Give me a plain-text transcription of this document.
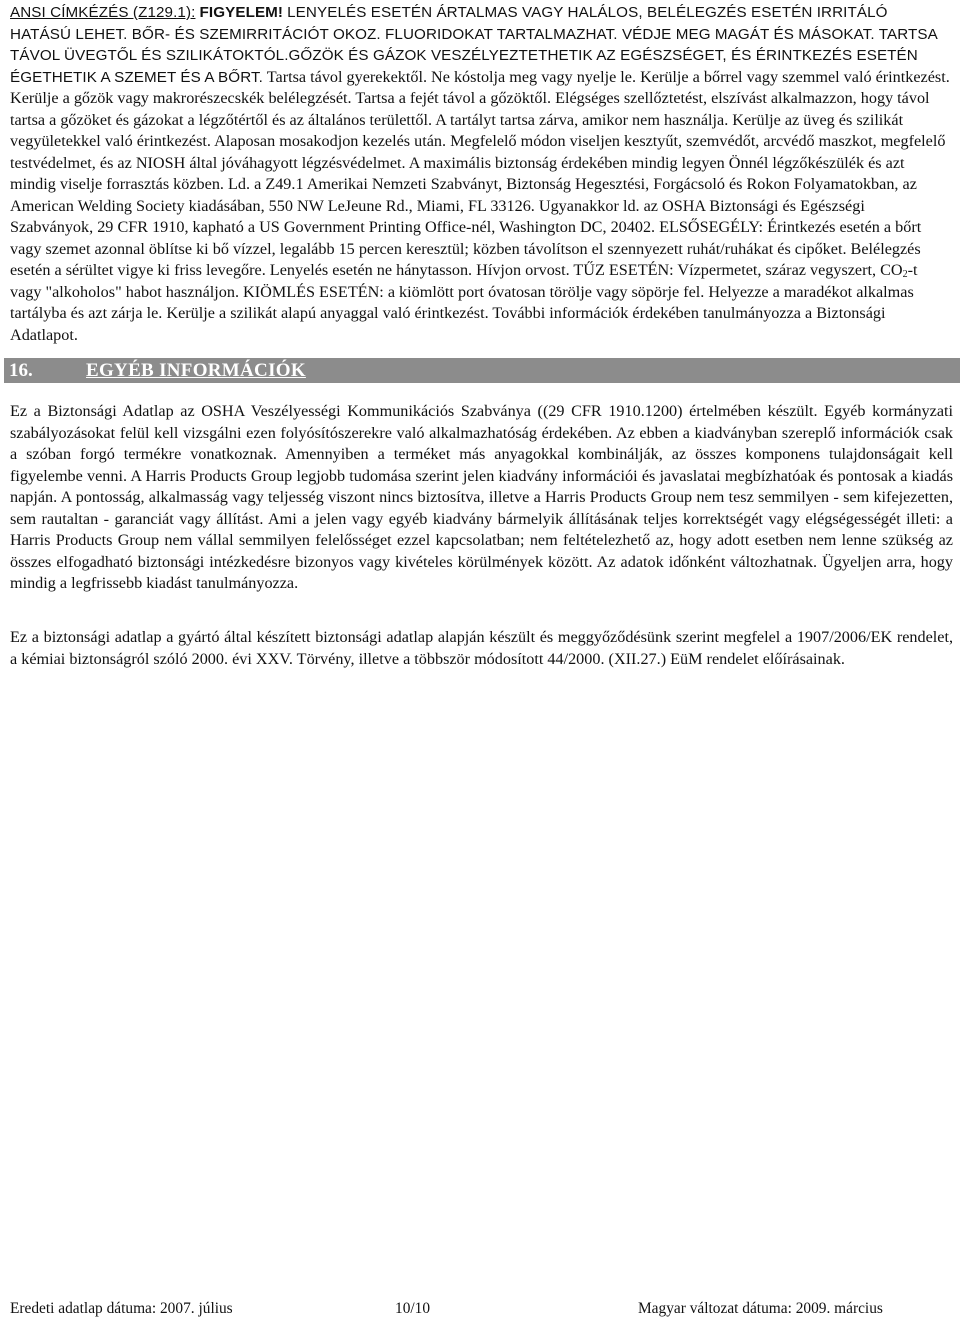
ANSI CÍMKÉZÉS (Z129.1): FIGYELEM! LENYELÉS ESETÉN ÁRTALMAS VAGY HALÁLOS, BELÉLEGZÉS ESETÉN IRRITÁLÓ HATÁSÚ LEHET. BŐR- ÉS SZEMIRRITÁCIÓT OKOZ. FLUORIDOKAT TARTALMAZHAT. VÉDJE MEG MAGÁT ÉS MÁSOKAT. TARTSA TÁVOL ÜVEGTŐL ÉS SZILIKÁTOKTÓL.GŐZÖK ÉS GÁZOK VESZÉLYEZTETHETIK AZ EGÉSZSÉGET, ÉS ÉRINTKEZÉS ESETÉN ÉGETHETIK A SZEMET ÉS A BŐRT. Tartsa távol gyerekektől. Ne kóstolja meg vagy nyelje le. Kerülje a bőrrel vagy szemmel való érintkezést. Kerülje a gőzök vagy makrorészecskék belélegzését. Tartsa a fejét távol a gőzöktől. Elégséges szellőztetést, elszívást alkalmazzon, hogy távol tartsa a gőzöket és gázokat a légzőtértől és az általános területtől. A tartályt tartsa zárva, amikor nem használja. Kerülje az üveg és szilikát vegyületekkel való érintkezést. Alaposan mosakodjon kezelés után. Megfelelő módon viseljen kesztyűt, szemvédőt, arcvédő maszkot, megfelelő testvédelmet, és az NIOSH által jóváhagyott légzésvédelmet. A maximális biztonság érdekében mindig legyen Önnél légzőkészülék és azt mindig viselje forrasztás közben. Ld. a Z49.1 Amerikai Nemzeti Szabványt, Biztonság Hegesztési, Forgácsoló és Rokon Folyamatokban, az American Welding Society kiadásában, 550 NW LeJeune Rd., Miami, FL 33126. Ugyanakkor ld. az OSHA Biztonsági és Egészségi Szabványok, 29 CFR 1910, kapható a US Government Printing Office-nél, Washington DC, 20402. ELSŐSEGÉLY: Érintkezés esetén a bőrt vagy szemet azonnal öblítse ki bő vízzel, legalább 15 percen keresztül; közben távolítson el szennyezett ruhát/ruhákat és cipőket. Belélegzés esetén a sérültet vigye ki friss levegőre. Lenyelés esetén ne hánytasson. Hívjon orvost. TŰZ ESETÉN: Vízpermetet, száraz vegyszert, $CO_2-t$ vagy "alkoholos" habot használjon. KIÖMLÉS ESETÉN: a kiömlött port óvatosan törölje vagy söpörje fel. Helyezze a maradékot alkalmas tartályba és azt zárja le. Kerülje a szilikát alapú anyaggal való érintkezést. További információk érdekében tanulmányozza a Biztonsági Adatlapot.
16.	EGYÉB INFORMÁCIÓK
Ez a Biztonsági Adatlap az OSHA Veszélyességi Kommunikációs Szabványa ((29 CFR 1910.1200) értelmében készült. Egyéb kormányzati szabályozásokat felül kell vizsgálni ezen folyósítószerekre való alkalmazhatóság érdekében. Az ebben a kiadványban szereplő információk csak a szóban forgó termékre vonatkoznak. Amennyiben a terméket más anyagokkal kombinálják, az összes komponens tulajdonságait kell figyelembe venni. A Harris Products Group legjobb tudomása szerint jelen kiadvány információi és javaslatai megbízhatóak és pontosak a kiadás napján. A pontosság, alkalmasság vagy teljesség viszont nincs biztosítva, illetve a Harris Products Group nem tesz semmilyen - sem kifejezetten, sem rautaltan - garanciát vagy állítást. Ami a jelen vagy egyéb kiadvány bármelyik állításának teljes korrektségét vagy elégségességét illeti: a Harris Products Group nem vállal semmilyen felelősséget ezzel kapcsolatban; nem feltételezhető az, hogy adott esetben nem lenne szükség az összes elfogadható biztonsági intézkedésre bizonyos vagy kivételes körülmények között. Az adatok időnként változhatnak. Ügyeljen arra, hogy mindig a legfrissebb kiadást tanulmányozza.
Ez a biztonsági adatlap a gyártó által készített biztonsági adatlap alapján készült és meggyőződésünk szerint megfelel a 1907/2006/EK rendelet, a kémiai biztonságról szóló 2000. évi XXV. Törvény, illetve a többször módosított 44/2000. (XII.27.) EüM rendelet előírásainak.
Eredeti adatlap dátuma: 2007. július	10/10	Magyar változat dátuma: 2009. március
